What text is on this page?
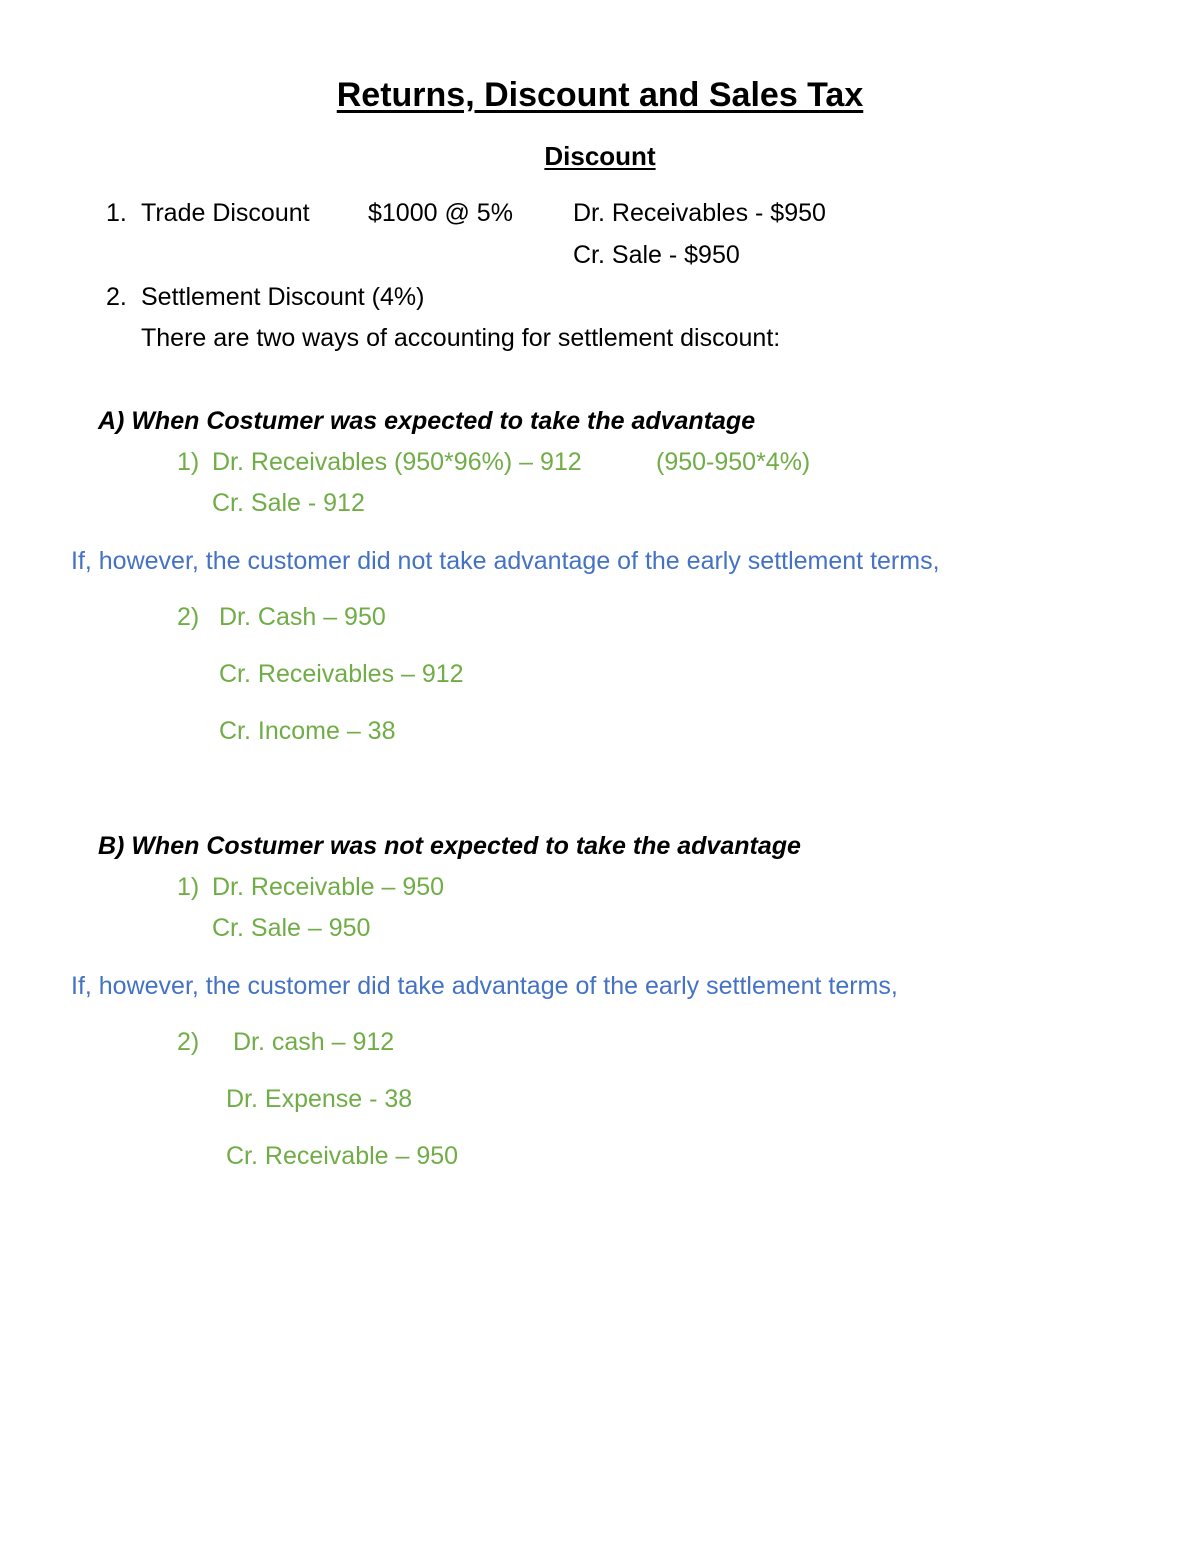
Returns, Discount and Sales Tax
Discount
1. Trade Discount $1000 @ 5% Dr. Receivables - $950
Cr. Sale - $950
2. Settlement Discount (4%)
There are two ways of accounting for settlement discount:
A) When Costumer was expected to take the advantage
1) Dr. Receivables (950*96%) – 912	(950-950*4%)
Cr. Sale - 912
If, however, the customer did not take advantage of the early settlement terms,
2) Dr. Cash – 950
Cr. Receivables – 912
Cr. Income – 38
B) When Costumer was not expected to take the advantage
1) Dr. Receivable – 950
Cr. Sale – 950
If, however, the customer did take advantage of the early settlement terms,
2) Dr. cash – 912
Dr. Expense - 38
Cr. Receivable – 950
